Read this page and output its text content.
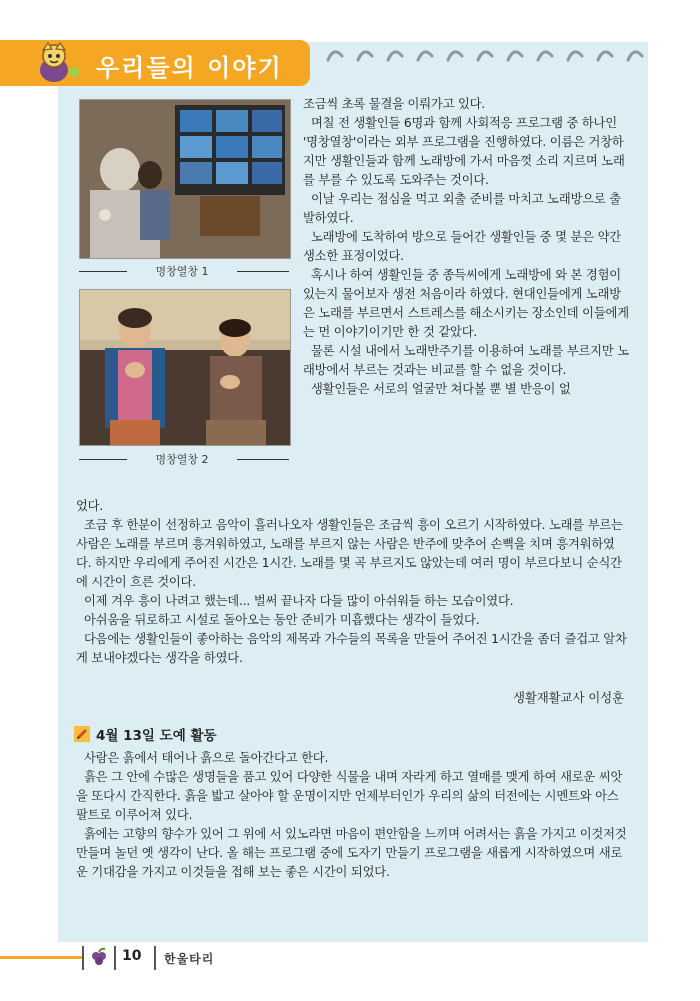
우리들의 이야기
명창열창 1
명창열창 2

조금씩 초록 물결을 이뤄가고 있다.

며칠 전 생활인들 6명과 함께 사회적응 프로그램 중 하나인 '명창열창'이라는 외부 프로그램을 진행하였다. 이름은 거창하지만 생활인들과 함께 노래방에 가서 마음껏 소리 지르며 노래를 부를 수 있도록 도와주는 것이다.

이날 우리는 점심을 먹고 외출 준비를 마치고 노래방으로 출발하였다.

노래방에 도착하여 방으로 들어간 생활인들 중 몇 분은 약간 생소한 표정이었다.

혹시나 하여 생활인들 중 종득씨에게 노래방에 와 본 경험이 있는지 물어보자 생전 처음이라 하였다. 현대인들에게 노래방은 노래를 부르면서 스트레스를 해소시키는 장소인데 이들에게는 먼 이야기이기만 한 것 같았다.

물론 시설 내에서 노래반주기를 이용하여 노래를 부르지만 노래방에서 부르는 것과는 비교를 할 수 없을 것이다.

생활인들은 서로의 얼굴만 쳐다볼 뿐 별 반응이 없

었다.

조금 후 한분이 선정하고 음악이 흘러나오자 생활인들은 조금씩 흥이 오르기 시작하였다. 노래를 부르는 사람은 노래를 부르며 흥겨워하였고, 노래를 부르지 않는 사람은 반주에 맞추어 손뼉을 치며 흥겨워하였다. 하지만 우리에게 주어진 시간은 1시간. 노래를 몇 곡 부르지도 않았는데 여러 명이 부르다보니 순식간에 시간이 흐른 것이다.

이제 겨우 흥이 나려고 했는데... 벌써 끝나자 다들 많이 아쉬워들 하는 모습이였다.

아쉬움을 뒤로하고 시설로 돌아오는 동안 준비가 미흡했다는 생각이 들었다.

다음에는 생활인들이 좋아하는 음악의 제목과 가수들의 목록을 만들어 주어진 1시간을 좀더 즐겁고 알차게 보내야겠다는 생각을 하였다.

생활재활교사 이성훈
4월 13일 도예 활동

사람은 흙에서 태어나 흙으로 돌아간다고 한다.

흙은 그 안에 수많은 생명들을 품고 있어 다양한 식물을 내며 자라게 하고 열매를 맺게 하여 새로운 씨앗을 또다시 간직한다. 흙을 밟고 살아야 할 운명이지만 언제부터인가 우리의 삶의 터전에는 시멘트와 아스팔트로 이루어져 있다.

흙에는 고향의 향수가 있어 그 위에 서 있노라면 마음이 편안함을 느끼며 어려서는 흙을 가지고 이것저것 만들며 놀던 옛 생각이 난다. 올 해는 프로그램 중에 도자기 만들기 프로그램을 새롭게 시작하였으며 새로운 기대감을 가지고 이것들을 접해 보는 좋은 시간이 되었다.

10 한울타리
